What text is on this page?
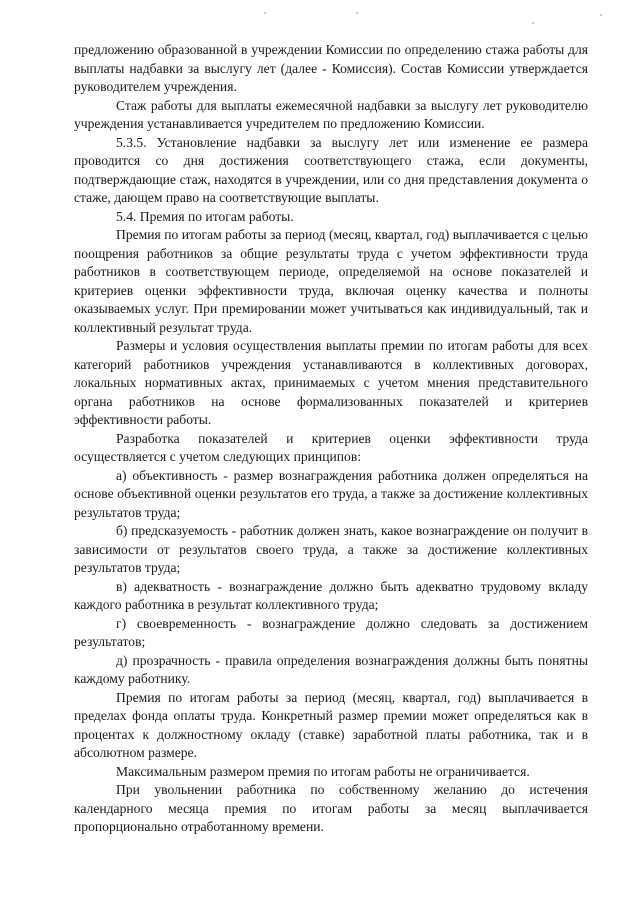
предложению образованной в учреждении Комиссии по определению стажа работы для выплаты надбавки за выслугу лет (далее - Комиссия). Состав Комиссии утверждается руководителем учреждения.

Стаж работы для выплаты ежемесячной надбавки за выслугу лет руководителю учреждения устанавливается учредителем по предложению Комиссии.

5.3.5. Установление надбавки за выслугу лет или изменение ее размера проводится со дня достижения соответствующего стажа, если документы, подтверждающие стаж, находятся в учреждении, или со дня представления документа о стаже, дающем право на соответствующие выплаты.

5.4. Премия по итогам работы.

Премия по итогам работы за период (месяц, квартал, год) выплачивается с целью поощрения работников за общие результаты труда с учетом эффективности труда работников в соответствующем периоде, определяемой на основе показателей и критериев оценки эффективности труда, включая оценку качества и полноты оказываемых услуг. При премировании может учитываться как индивидуальный, так и коллективный результат труда.

Размеры и условия осуществления выплаты премии по итогам работы для всех категорий работников учреждения устанавливаются в коллективных договорах, локальных нормативных актах, принимаемых с учетом мнения представительного органа работников на основе формализованных показателей и критериев эффективности работы.

Разработка показателей и критериев оценки эффективности труда осуществляется с учетом следующих принципов:

а) объективность - размер вознаграждения работника должен определяться на основе объективной оценки результатов его труда, а также за достижение коллективных результатов труда;

б) предсказуемость - работник должен знать, какое вознаграждение он получит в зависимости от результатов своего труда, а также за достижение коллективных результатов труда;

в) адекватность - вознаграждение должно быть адекватно трудовому вкладу каждого работника в результат коллективного труда;

г) своевременность - вознаграждение должно следовать за достижением результатов;

д) прозрачность - правила определения вознаграждения должны быть понятны каждому работнику.

Премия по итогам работы за период (месяц, квартал, год) выплачивается в пределах фонда оплаты труда. Конкретный размер премии может определяться как в процентах к должностному окладу (ставке) заработной платы работника, так и в абсолютном размере.

Максимальным размером премия по итогам работы не ограничивается.

При увольнении работника по собственному желанию до истечения календарного месяца премия по итогам работы за месяц выплачивается пропорционально отработанному времени.
